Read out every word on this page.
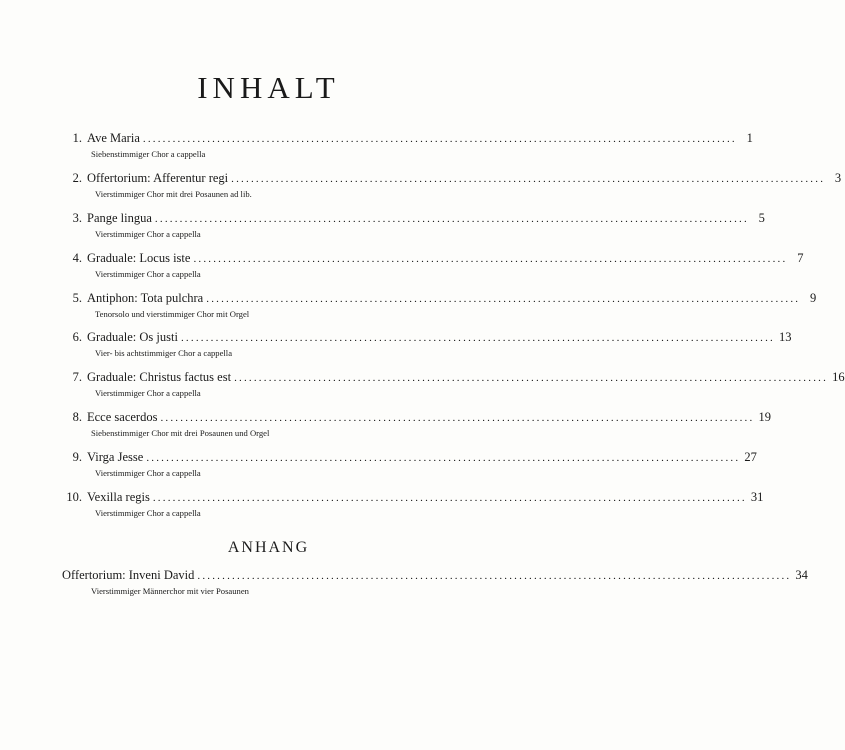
INHALT
1. Ave Maria ........................................................................................................................ 1
Siebenstimmiger Chor a cappella
2. Offertorium: Afferentur regi ........................................................................................................................ 3
Vierstimmiger Chor mit drei Posaunen ad lib.
3. Pange lingua ........................................................................................................................ 5
Vierstimmiger Chor a cappella
4. Graduale: Locus iste ........................................................................................................................ 7
Vierstimmiger Chor a cappella
5. Antiphon: Tota pulchra ........................................................................................................................ 9
Tenorsolo und vierstimmiger Chor mit Orgel
6. Graduale: Os justi ........................................................................................................................ 13
Vier- bis achtstimmiger Chor a cappella
7. Graduale: Christus factus est ........................................................................................................................ 16
Vierstimmiger Chor a cappella
8. Ecce sacerdos ........................................................................................................................ 19
Siebenstimmiger Chor mit drei Posaunen und Orgel
9. Virga Jesse ........................................................................................................................ 27
Vierstimmiger Chor a cappella
10. Vexilla regis ........................................................................................................................ 31
Vierstimmiger Chor a cappella
ANHANG
Offertorium: Inveni David ........................................................................................................................ 34
Vierstimmiger Männerchor mit vier Posaunen
